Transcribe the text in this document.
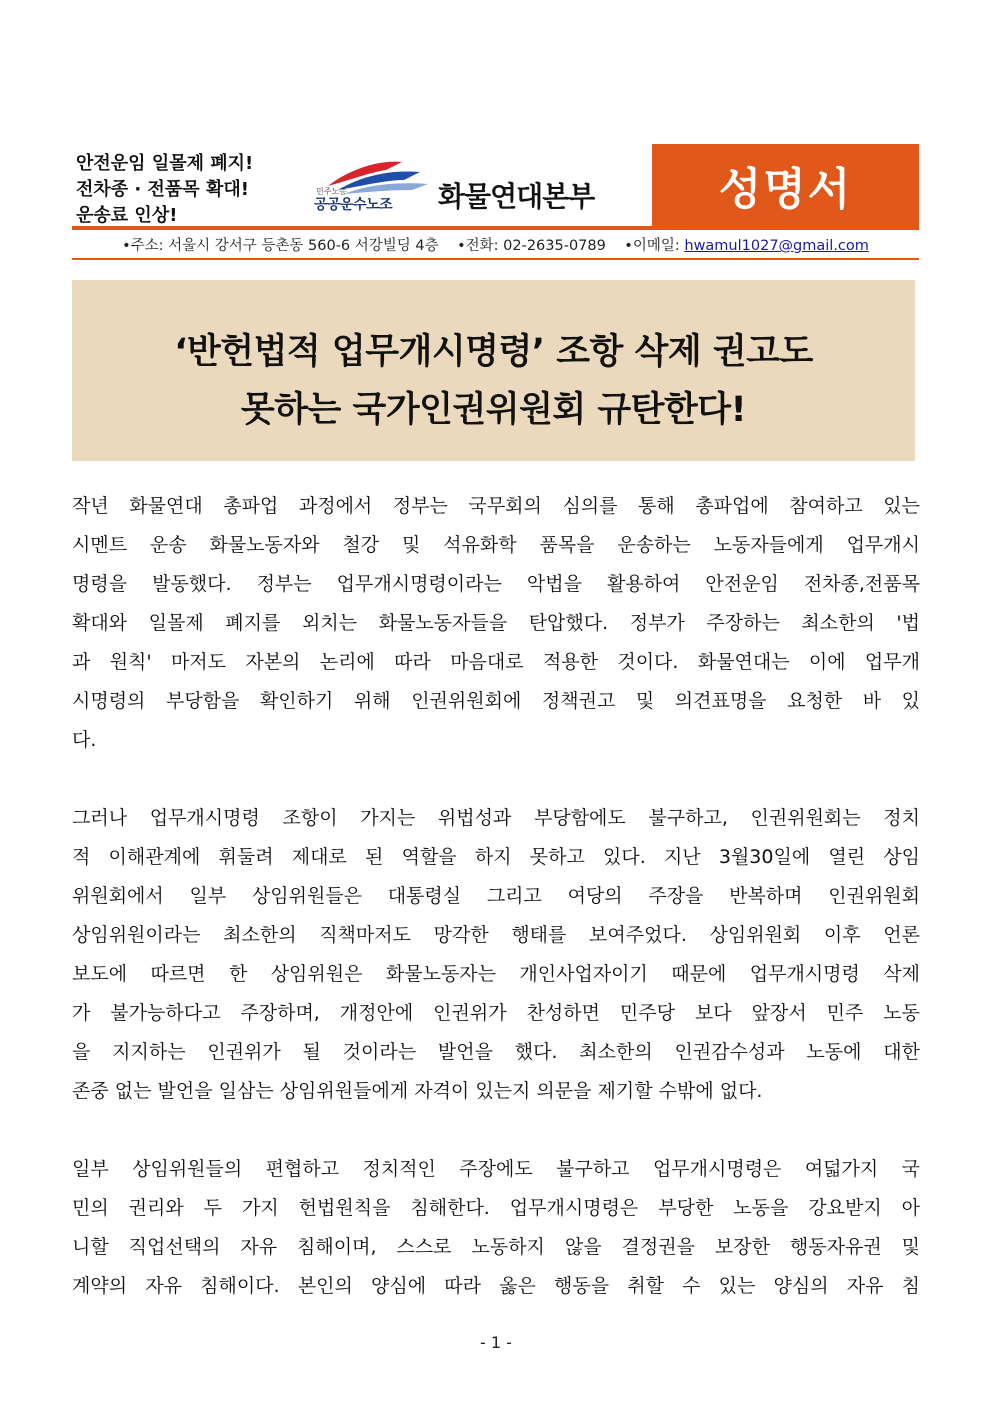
안전운임 일몰제 폐지!
전차종 · 전품목 확대!
운송료 인상!
민주노총
공공운수노조 화물연대본부	성명서
•주소: 서울시 강서구 등촌동 560-6 서강빌딩 4층 •전화: 02-2635-0789 •이메일: hwamul1027@gmail.com
‘반헌법적 업무개시명령’ 조항 삭제 권고도
못하는 국가인권위원회 규탄한다!

작년 화물연대 총파업 과정에서 정부는 국무회의 심의를 통해 총파업에 참여하고 있는
시멘트 운송 화물노동자와 철강 및 석유화학 품목을 운송하는 노동자들에게 업무개시
명령을 발동했다. 정부는 업무개시명령이라는 악법을 활용하여 안전운임 전차종,전품목
확대와 일몰제 폐지를 외치는 화물노동자들을 탄압했다. 정부가 주장하는 최소한의 '법
과 원칙' 마저도 자본의 논리에 따라 마음대로 적용한 것이다. 화물연대는 이에 업무개
시명령의 부당함을 확인하기 위해 인권위원회에 정책권고 및 의견표명을 요청한 바 있
다.

그러나 업무개시명령 조항이 가지는 위법성과 부당함에도 불구하고, 인권위원회는 정치
적 이해관계에 휘둘려 제대로 된 역할을 하지 못하고 있다. 지난 3월30일에 열린 상임
위원회에서 일부 상임위원들은 대통령실 그리고 여당의 주장을 반복하며 인권위원회
상임위원이라는 최소한의 직책마저도 망각한 행태를 보여주었다. 상임위원회 이후 언론
보도에 따르면 한 상임위원은 화물노동자는 개인사업자이기 때문에 업무개시명령 삭제
가 불가능하다고 주장하며, 개정안에 인권위가 찬성하면 민주당 보다 앞장서 민주 노동
을 지지하는 인권위가 될 것이라는 발언을 했다. 최소한의 인권감수성과 노동에 대한
존중 없는 발언을 일삼는 상임위원들에게 자격이 있는지 의문을 제기할 수밖에 없다.

일부 상임위원들의 편협하고 정치적인 주장에도 불구하고 업무개시명령은 여덟가지 국
민의 권리와 두 가지 헌법원칙을 침해한다. 업무개시명령은 부당한 노동을 강요받지 아
니할 직업선택의 자유 침해이며, 스스로 노동하지 않을 결정권을 보장한 행동자유권 및
계약의 자유 침해이다. 본인의 양심에 따라 옳은 행동을 취할 수 있는 양심의 자유 침

- 1 -
